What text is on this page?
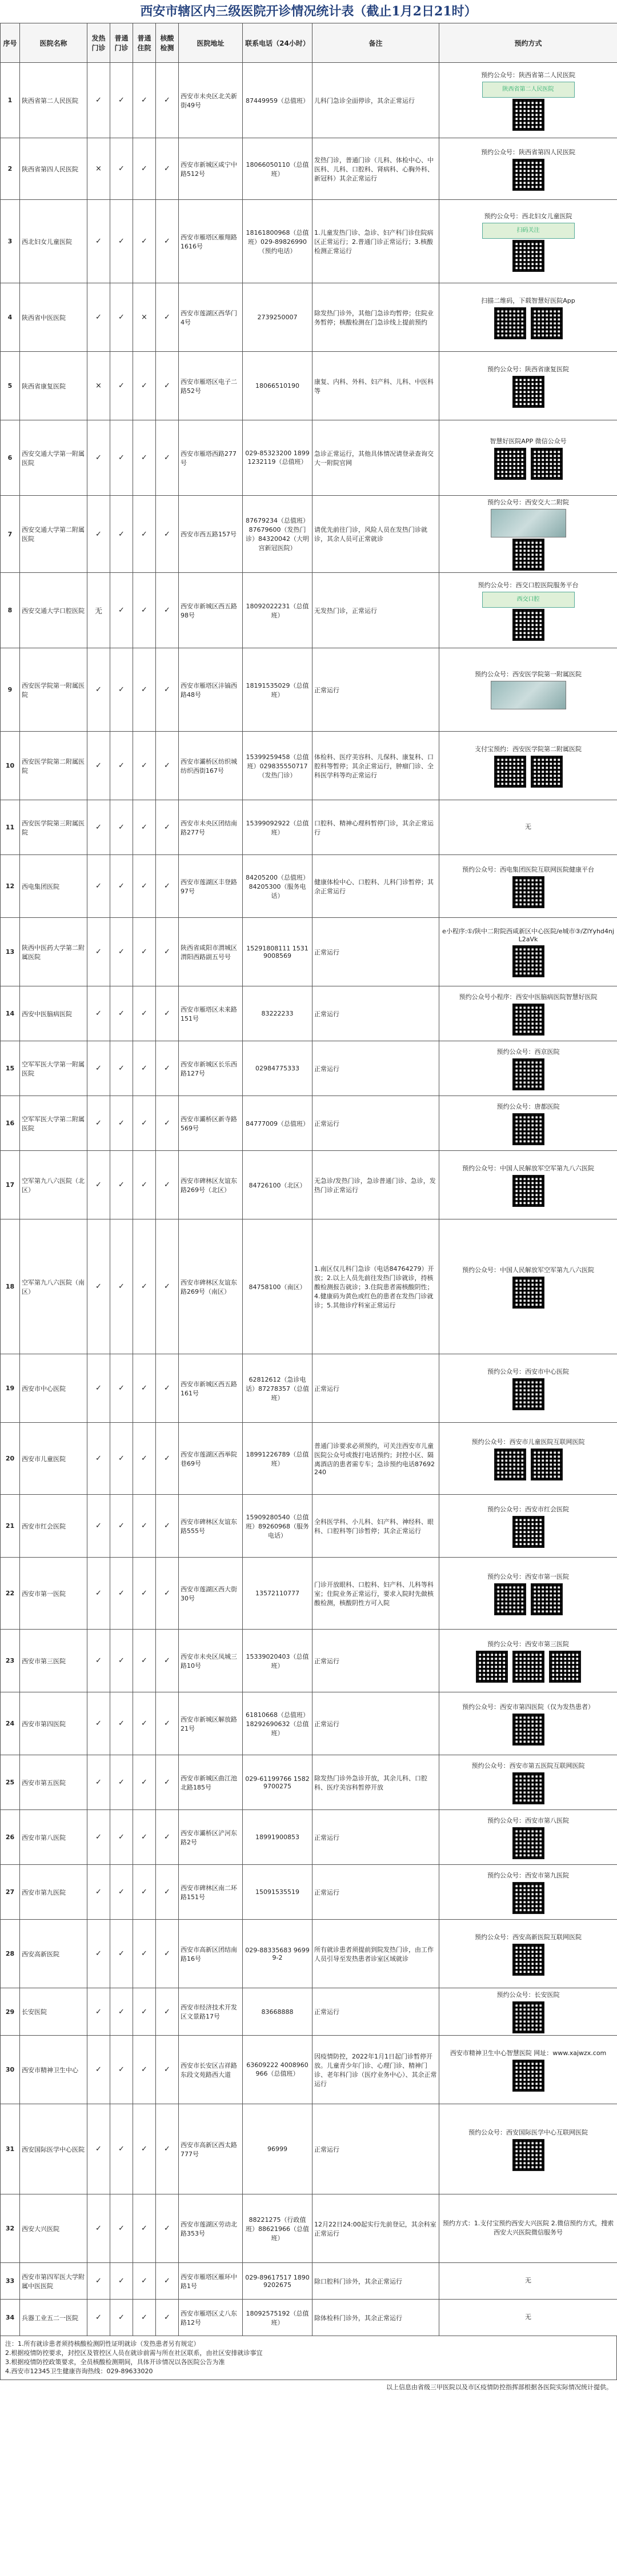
西安市辖区内三级医院开诊情况统计表（截止1月2日21时）
序号	医院名称	发热门诊	普通门诊	普通住院	核酸检测	医院地址	联系电话（24小时）	备注	预约方式
1	陕西省第二人民医院	✓	✓	✓	✓	西安市未央区北关新街49号	87449959（总值班）	儿科门急诊全面停诊，其余正常运行	预约公众号：陕西省第二人民医院
陕西省第二人民医院

2	陕西省第四人民医院	×	✓	✓	✓	西安市新城区咸宁中路512号	18066050110（总值班）	发热门诊，普通门诊（儿科、体检中心、中医科、儿科、口腔科、肾病科、心胸外科、新冠科）其余正常运行	预约公众号：陕西省第四人民医院

3	西北妇女儿童医院	✓	✓	✓	✓	西安市雁塔区雁翔路1616号	18161800968（总值班）029-89826990（预约电话）	1.儿童发热门诊、急诊、妇产科门诊住院病区正常运行；2.普通门诊正常运行；3.核酸检测正常运行	预约公众号：西北妇女儿童医院
扫码关注

4	陕西省中医医院	✓	✓	×	✓	西安市莲湖区西华门4号	2739250007	除发热门诊外，其他门急诊均暂停；住院业务暂停；核酸检测在门急诊线上提前预约	扫描二维码，下载智慧好医院App

5	陕西省康复医院	×	✓	✓	✓	西安市雁塔区电子二路52号	18066510190	康复、内科、外科、妇产科、儿科、中医科等	预约公众号：陕西省康复医院

6	西安交通大学第一附属医院	✓	✓	✓	✓	西安市雁塔西路277号	029-85323200 18991232119（总值班）	急诊正常运行，其他具体情况请登录查询交大一附院官网	智慧好医院APP 微信公众号

7	西安交通大学第二附属医院	✓	✓	✓	✓	西安市西五路157号	87679234（总值班）87679600（发热门诊）84320042（大明宫新冠医院）	请优先前往门诊，风险人员在发热门诊就诊，其余人员可正常就诊	预约公众号：西安交大二附院

8	西安交通大学口腔医院	无	✓	✓	✓	西安市新城区西五路98号	18092022231（总值班）	无发热门诊，正常运行	预约公众号：西交口腔医院服务平台
西交口腔

9	西安医学院第一附属医院	✓	✓	✓	✓	西安市雁塔区沣镐西路48号	18191535029（总值班）	正常运行	预约公众号：西安医学院第一附属医院

10	西安医学院第二附属医院	✓	✓	✓	✓	西安市灞桥区纺织城纺织西街167号	15399259458（总值班）029835550717（发热门诊）	体检科、医疗美容科、儿保科、康复科、口腔科等暂停；其余正常运行，肿瘤门诊、全科医学科等均正常运行	支付宝预约：西安医学院第二附属医院

11	西安医学院第三附属医院	✓	✓	✓	✓	西安市未央区团结南路277号	15399092922（总值班）	口腔科、精神心理科暂停门诊，其余正常运行	无

12	西电集团医院	✓	✓	✓	✓	西安市莲湖区丰登路97号	84205200（总值班）84205300（服务电话）	健康体检中心、口腔科、儿科门诊暂停；其余正常运行	预约公众号：西电集团医院互联网医院健康平台

13	陕西中医药大学第二附属医院	✓	✓	✓	✓	陕西省咸阳市渭城区渭阳西路副五号号	15291808111 15319008569	正常运行	e小程序:①/陕中二附院西咸新区中心医院/e城市③/ZlYyhd4njL2aVk

14	西安中医脑病医院	✓	✓	✓	✓	西安市雁塔区未来路151号	83222233	正常运行	预约公众号小程序：西安中医脑病医院智慧好医院

15	空军军医大学第一附属医院	✓	✓	✓	✓	西安市新城区长乐西路127号	02984775333	正常运行	预约公众号：西京医院

16	空军军医大学第二附属医院	✓	✓	✓	✓	西安市灞桥区新寺路569号	84777009（总值班）	正常运行	预约公众号：唐都医院

17	空军第九八六医院（北区）	✓	✓	✓	✓	西安市碑林区友谊东路269号（北区）	84726100（北区）	无急诊/发热门诊，急诊普通门诊、急诊，发热门诊正常运行	预约公众号：中国人民解放军空军第九八六医院

18	空军第九八六医院（南区）	✓	✓	✓	✓	西安市碑林区友谊东路269号（南区）	84758100（南区）	1.南区仅儿科门急诊（电话84764279）开放；2.以上人员先前往发热门诊就诊，持核酸检测报告就诊；3.住院患者需核酸阴性；4.健康码为黄色或红色的患者在发热门诊就诊；5.其他诊疗科室正常运行	预约公众号：中国人民解放军空军第九八六医院

19	西安市中心医院	✓	✓	✓	✓	西安市新城区西五路161号	62812612（急诊电话）87278357（总值班）	正常运行	预约公众号：西安市中心医院

20	西安市儿童医院	✓	✓	✓	✓	西安市莲湖区西举院巷69号	18991226789（总值班）	普通门诊要求必须预约，可关注西安市儿童医院公众号或拨打电话预约；封控小区、隔离酒店的患者需专车；急诊预约电话87692240	预约公众号：西安市儿童医院互联网医院

21	西安市红会医院	✓	✓	✓	✓	西安市碑林区友谊东路555号	15909280540（总值班）89260968（服务电话）	全科医学科、小儿科、妇产科、神经科、眼科、口腔科等门诊暂停；其余正常运行	预约公众号：西安市红会医院

22	西安市第一医院	✓	✓	✓	✓	西安市莲湖区西大街30号	13572110777	门诊开放眼科、口腔科、妇产科、儿科等科室；住院业务正常运行，要求入院时先做核酸检测，核酸阴性方可入院	预约公众号：西安市第一医院

23	西安市第三医院	✓	✓	✓	✓	西安市未央区凤城三路10号	15339020403（总值班）	正常运行	预约公众号：西安市第三医院

24	西安市第四医院	✓	✓	✓	✓	西安市新城区解放路21号	61810668（总值班）18292690632（总值班）	正常运行	预约公众号：西安市第四医院（仅为发热患者）

25	西安市第五医院	✓	✓	✓	✓	西安市新城区曲江池北路185号	029-61199766 15829700275	除发热门诊外急诊开放，其余儿科、口腔科、医疗美容科暂停开放	预约公众号：西安市第五医院互联网医院

26	西安市第八医院	✓	✓	✓	✓	西安市灞桥区浐河东路2号	18991900853	正常运行	预约公众号：西安市第八医院

27	西安市第九医院	✓	✓	✓	✓	西安市碑林区南二环路151号	15091535519	正常运行	预约公众号：西安市第九医院

28	西安高新医院	✓	✓	✓	✓	西安市高新区团结南路16号	029-88335683 96999-2	所有就诊患者须提前到院发热门诊，由工作人员引导至发热患者诊室区域就诊	预约公众号：西安高新医院互联网医院

29	长安医院	✓	✓	✓	✓	西安市经济技术开发区文景路17号	83668888	正常运行	预约公众号：长安医院

30	西安市精神卫生中心	✓	✓	✓	✓	西安市长安区吉祥路东段文苑路西大道	63609222 4008960966（总值班）	因疫情防控，2022年1月1日起门诊暂停开放。儿童青少年门诊、心理门诊、精神门诊、老年科门诊（医疗业务中心）、其余正常运行	西安市精神卫生中心智慧医院 网址：www.xajwzx.com

31	西安国际医学中心医院	✓	✓	✓	✓	西安市高新区西太路777号	96999	正常运行	预约公众号：西安国际医学中心互联网医院

32	西安大兴医院	✓	✓	✓	✓	西安市莲湖区劳动北路353号	88221275（行政值班）88621966（总值班）	12月22日24:00起实行先前登记，其余科室正常运行	预约方式：1.支付宝预约西安大兴医院 2.微信预约方式，搜索西安大兴医院微信服务号

33	西安市第四军医大学附属中医医院	✓	✓	✓	✓	西安市雁塔区雁环中路1号	029-89617517 18909202675	除口腔科门诊外，其余正常运行	无

34	兵器工业五二一医院	✓	✓	✓	✓	西安市雁塔区丈八东路12号	18092575192（总值班）	除体检科门诊外，其余正常运行	无
注：1.所有就诊患者须持核酸检测阴性证明就诊（发热患者另有规定）
2.根据疫情防控要求，封控区及管控区人员在就诊前需与所在社区联系，由社区安排就诊事宜
3.根据疫情防控政策要求，全员核酸检测期间，具体开诊情况以各医院公告为准
4.西安市12345卫生健康咨询热线：029-89633020
以上信息由省级三甲医院以及市区疫情防控指挥部根据各医院实际情况统计提供。
